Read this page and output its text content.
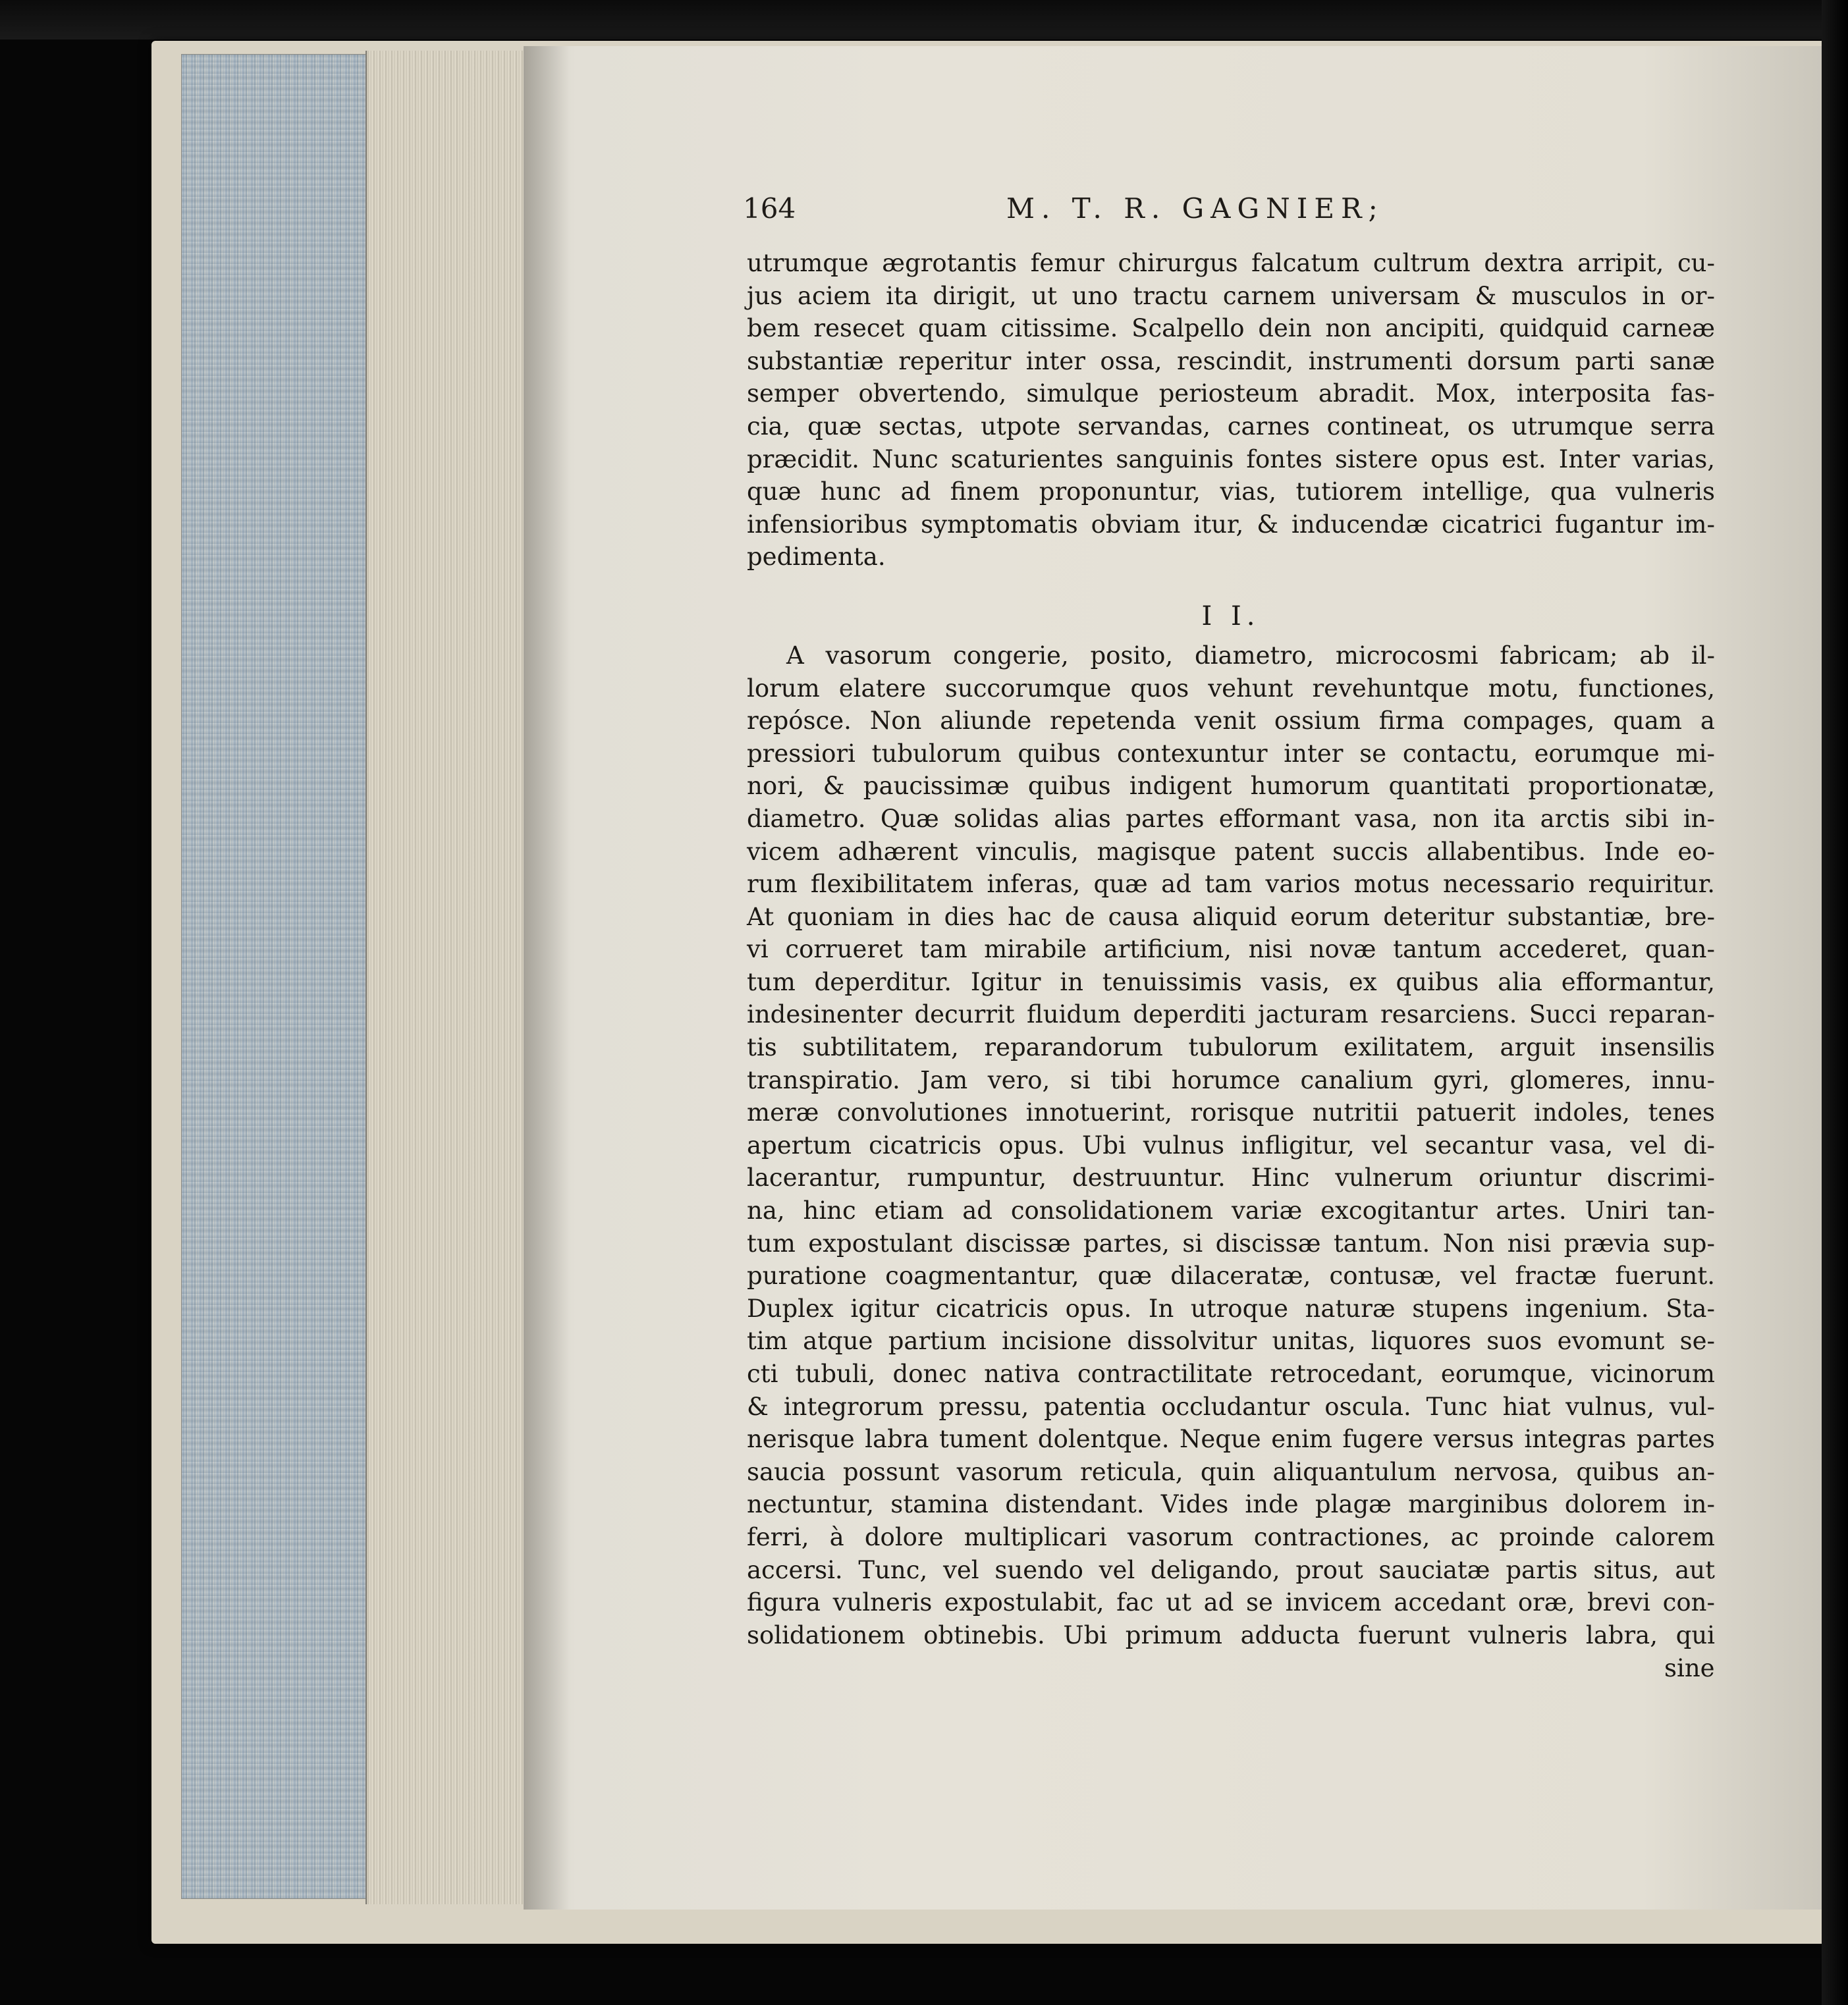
164	M. T. R. GAGNIER;
utrumque ægrotantis femur chirurgus falcatum cultrum dextra arripit, cu-
jus aciem ita dirigit, ut uno tractu carnem universam & musculos in or-
bem resecet quam citissime. Scalpello dein non ancipiti, quidquid carneæ
substantiæ reperitur inter ossa, rescindit, instrumenti dorsum parti sanæ
semper obvertendo, simulque periosteum abradit. Mox, interposita fas-
cia, quæ sectas, utpote servandas, carnes contineat, os utrumque serra
præcidit. Nunc scaturientes sanguinis fontes sistere opus est. Inter varias,
quæ hunc ad finem proponuntur, vias, tutiorem intellige, qua vulneris
infensioribus symptomatis obviam itur, & inducendæ cicatrici fugantur im-
pedimenta.
I I.
A vasorum congerie, posito, diametro, microcosmi fabricam; ab il-
lorum elatere succorumque quos vehunt revehuntque motu, functiones,
repósce. Non aliunde repetenda venit ossium firma compages, quam a
pressiori tubulorum quibus contexuntur inter se contactu, eorumque mi-
nori, & paucissimæ quibus indigent humorum quantitati proportionatæ,
diametro. Quæ solidas alias partes efformant vasa, non ita arctis sibi in-
vicem adhærent vinculis, magisque patent succis allabentibus. Inde eo-
rum flexibilitatem inferas, quæ ad tam varios motus necessario requiritur.
At quoniam in dies hac de causa aliquid eorum deteritur substantiæ, bre-
vi corrueret tam mirabile artificium, nisi novæ tantum accederet, quan-
tum deperditur. Igitur in tenuissimis vasis, ex quibus alia efformantur,
indesinenter decurrit fluidum deperditi jacturam resarciens. Succi reparan-
tis subtilitatem, reparandorum tubulorum exilitatem, arguit insensilis
transpiratio. Jam vero, si tibi horumce canalium gyri, glomeres, innu-
meræ convolutiones innotuerint, rorisque nutritii patuerit indoles, tenes
apertum cicatricis opus. Ubi vulnus infligitur, vel secantur vasa, vel di-
lacerantur, rumpuntur, destruuntur. Hinc vulnerum oriuntur discrimi-
na, hinc etiam ad consolidationem variæ excogitantur artes. Uniri tan-
tum expostulant discissæ partes, si discissæ tantum. Non nisi prævia sup-
puratione coagmentantur, quæ dilaceratæ, contusæ, vel fractæ fuerunt.
Duplex igitur cicatricis opus. In utroque naturæ stupens ingenium. Sta-
tim atque partium incisione dissolvitur unitas, liquores suos evomunt se-
cti tubuli, donec nativa contractilitate retrocedant, eorumque, vicinorum
& integrorum pressu, patentia occludantur oscula. Tunc hiat vulnus, vul-
nerisque labra tument dolentque. Neque enim fugere versus integras partes
saucia possunt vasorum reticula, quin aliquantulum nervosa, quibus an-
nectuntur, stamina distendant. Vides inde plagæ marginibus dolorem in-
ferri, à dolore multiplicari vasorum contractiones, ac proinde calorem
accersi. Tunc, vel suendo vel deligando, prout sauciatæ partis situs, aut
figura vulneris expostulabit, fac ut ad se invicem accedant oræ, brevi con-
solidationem obtinebis. Ubi primum adducta fuerunt vulneris labra, qui
sine
